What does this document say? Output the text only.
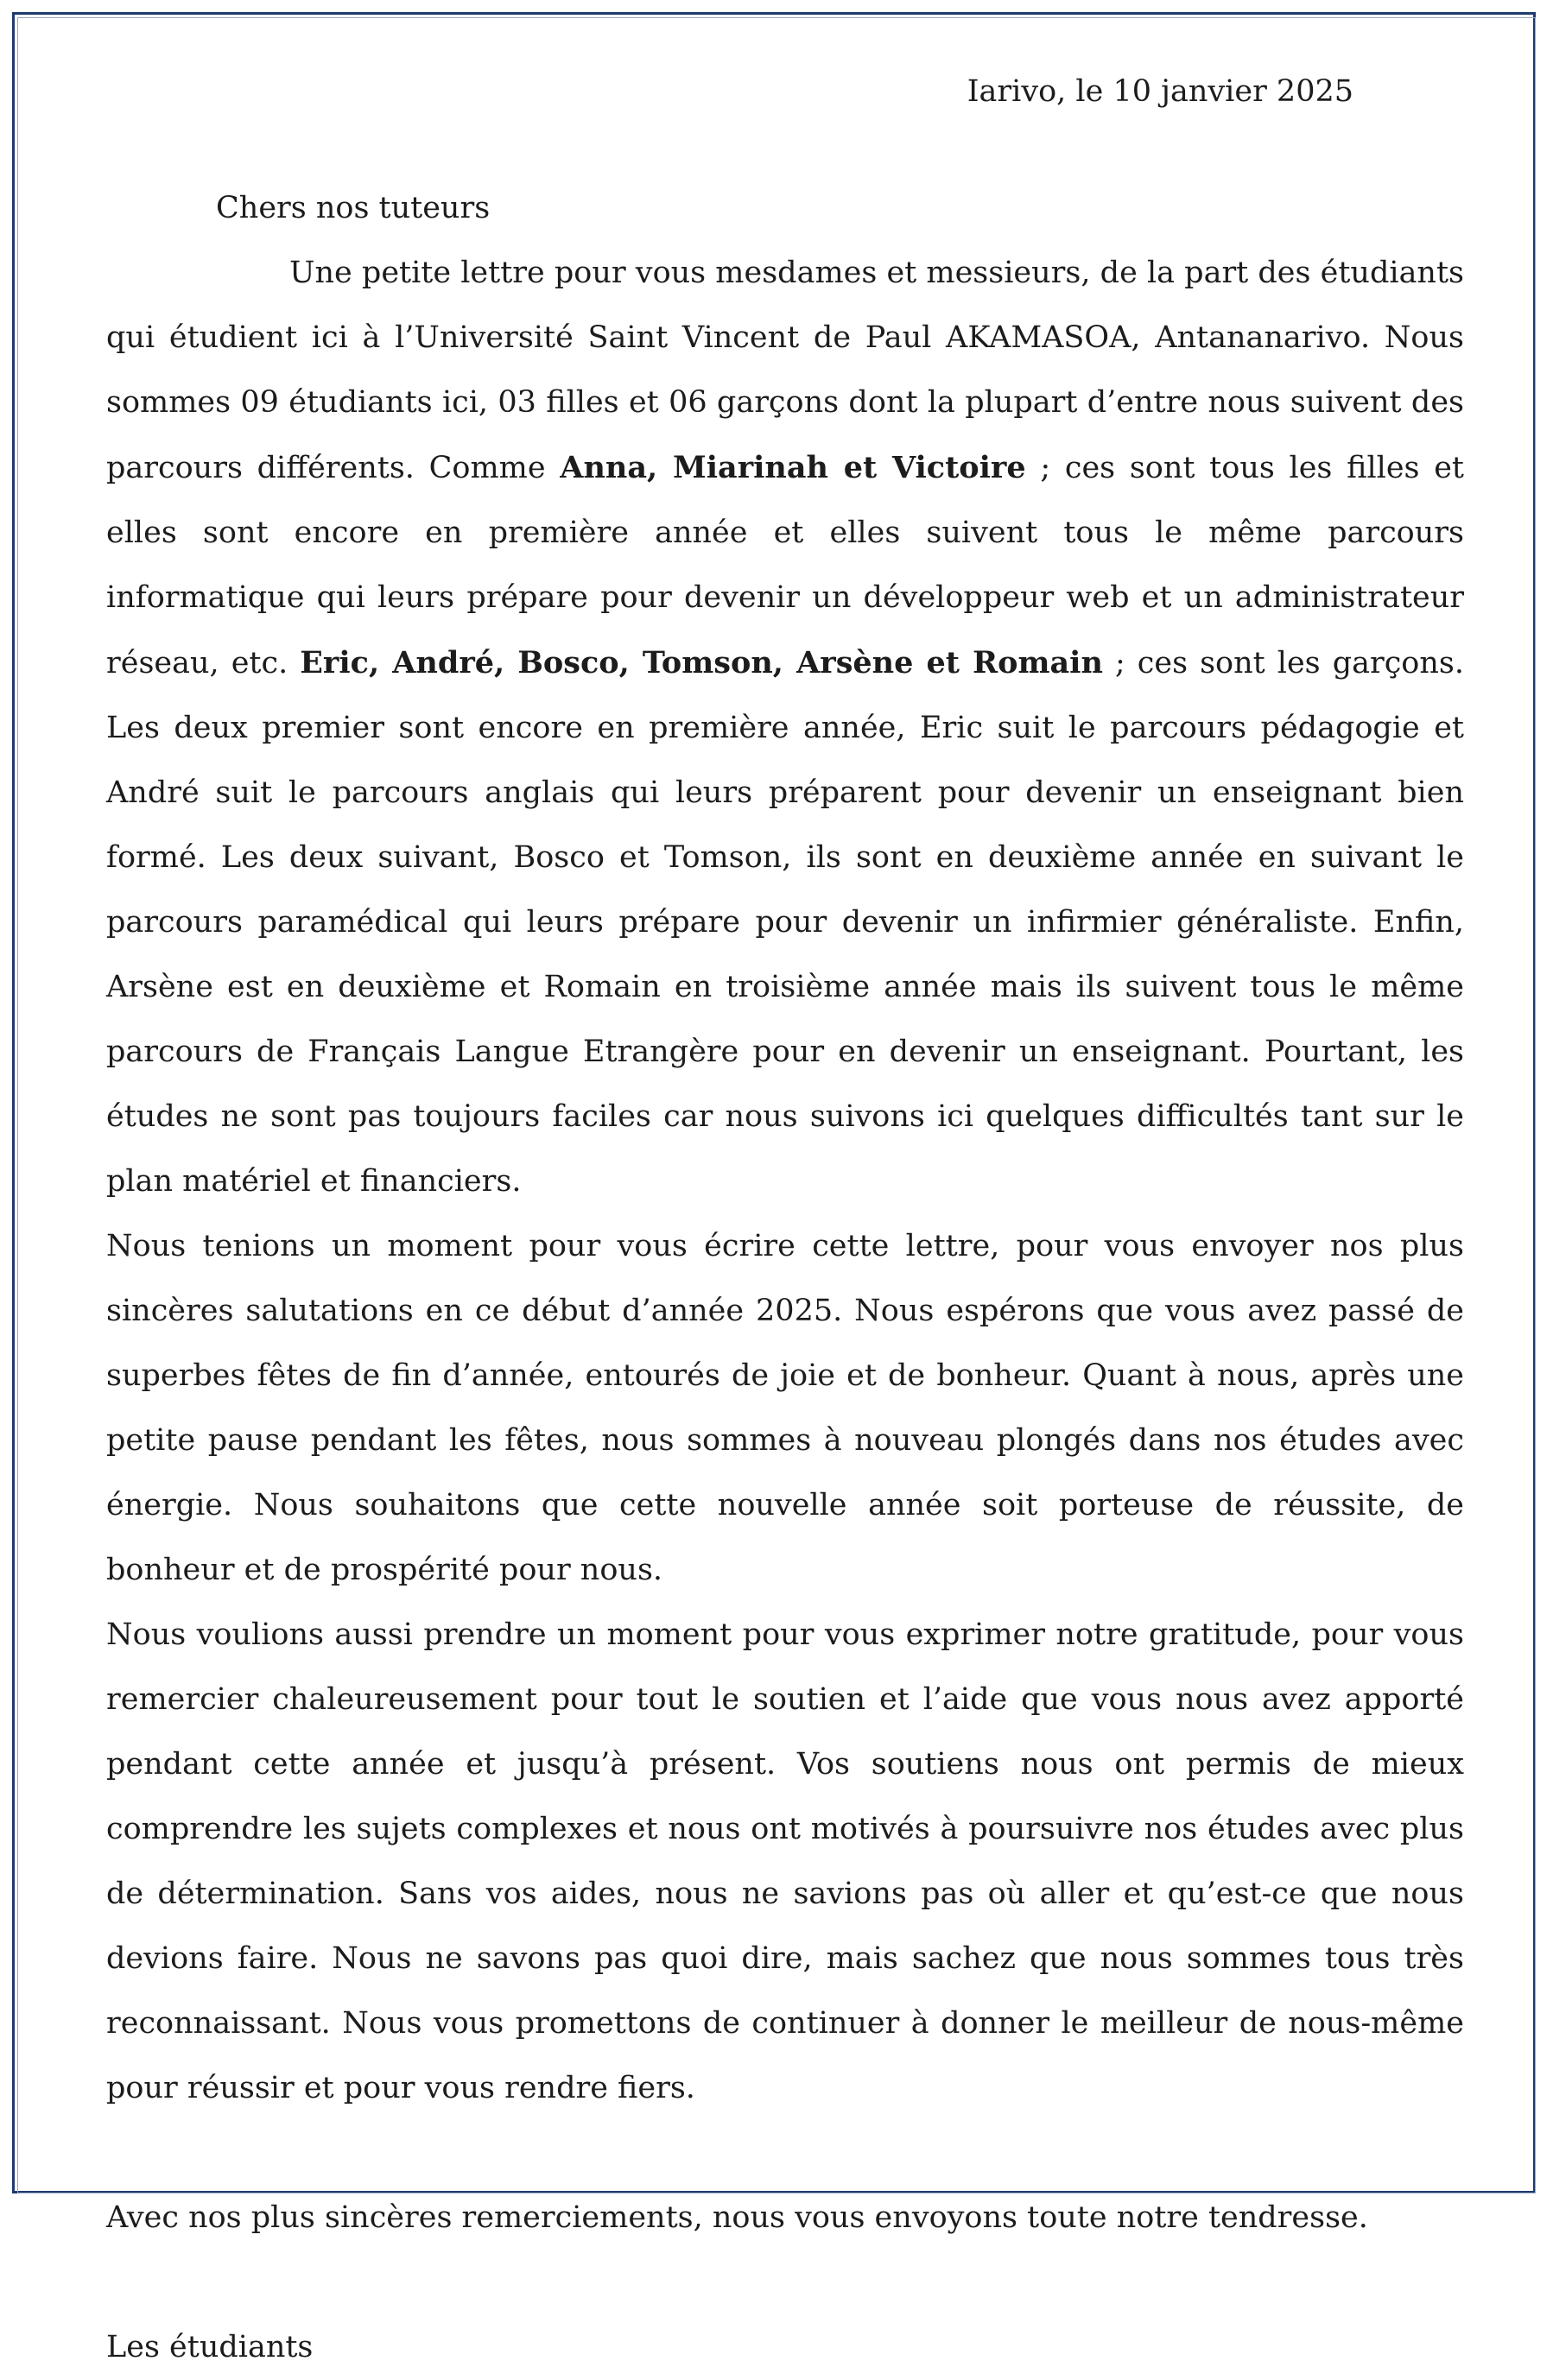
Iarivo, le 10 janvier 2025

Chers nos tuteurs

Une petite lettre pour vous mesdames et messieurs, de la part des étudiants qui étudient ici à l’Université Saint Vincent de Paul AKAMASOA, Antananarivo. Nous sommes 09 étudiants ici, 03 filles et 06 garçons dont la plupart d’entre nous suivent des parcours différents. Comme Anna, Miarinah et Victoire ; ces sont tous les filles et elles sont encore en première année et elles suivent tous le même parcours informatique qui leurs prépare pour devenir un développeur web et un administrateur réseau, etc. Eric, André, Bosco, Tomson, Arsène et Romain ; ces sont les garçons. Les deux premier sont encore en première année, Eric suit le parcours pédagogie et André suit le parcours anglais qui leurs préparent pour devenir un enseignant bien formé. Les deux suivant, Bosco et Tomson, ils sont en deuxième année en suivant le parcours paramédical qui leurs prépare pour devenir un infirmier généraliste. Enfin, Arsène est en deuxième et Romain en troisième année mais ils suivent tous le même parcours de Français Langue Etrangère pour en devenir un enseignant. Pourtant, les études ne sont pas toujours faciles car nous suivons ici quelques difficultés tant sur le plan matériel et financiers.

Nous tenions un moment pour vous écrire cette lettre, pour vous envoyer nos plus sincères salutations en ce début d’année 2025. Nous espérons que vous avez passé de superbes fêtes de fin d’année, entourés de joie et de bonheur. Quant à nous, après une petite pause pendant les fêtes, nous sommes à nouveau plongés dans nos études avec énergie. Nous souhaitons que cette nouvelle année soit porteuse de réussite, de bonheur et de prospérité pour nous.

Nous voulions aussi prendre un moment pour vous exprimer notre gratitude, pour vous remercier chaleureusement pour tout le soutien et l’aide que vous nous avez apporté pendant cette année et jusqu’à présent. Vos soutiens nous ont permis de mieux comprendre les sujets complexes et nous ont motivés à poursuivre nos études avec plus de détermination. Sans vos aides, nous ne savions pas où aller et qu’est-ce que nous devions faire. Nous ne savons pas quoi dire, mais sachez que nous sommes tous très reconnaissant. Nous vous promettons de continuer à donner le meilleur de nous-même pour réussir et pour vous rendre fiers.

Avec nos plus sincères remerciements, nous vous envoyons toute notre tendresse.

Les étudiants
